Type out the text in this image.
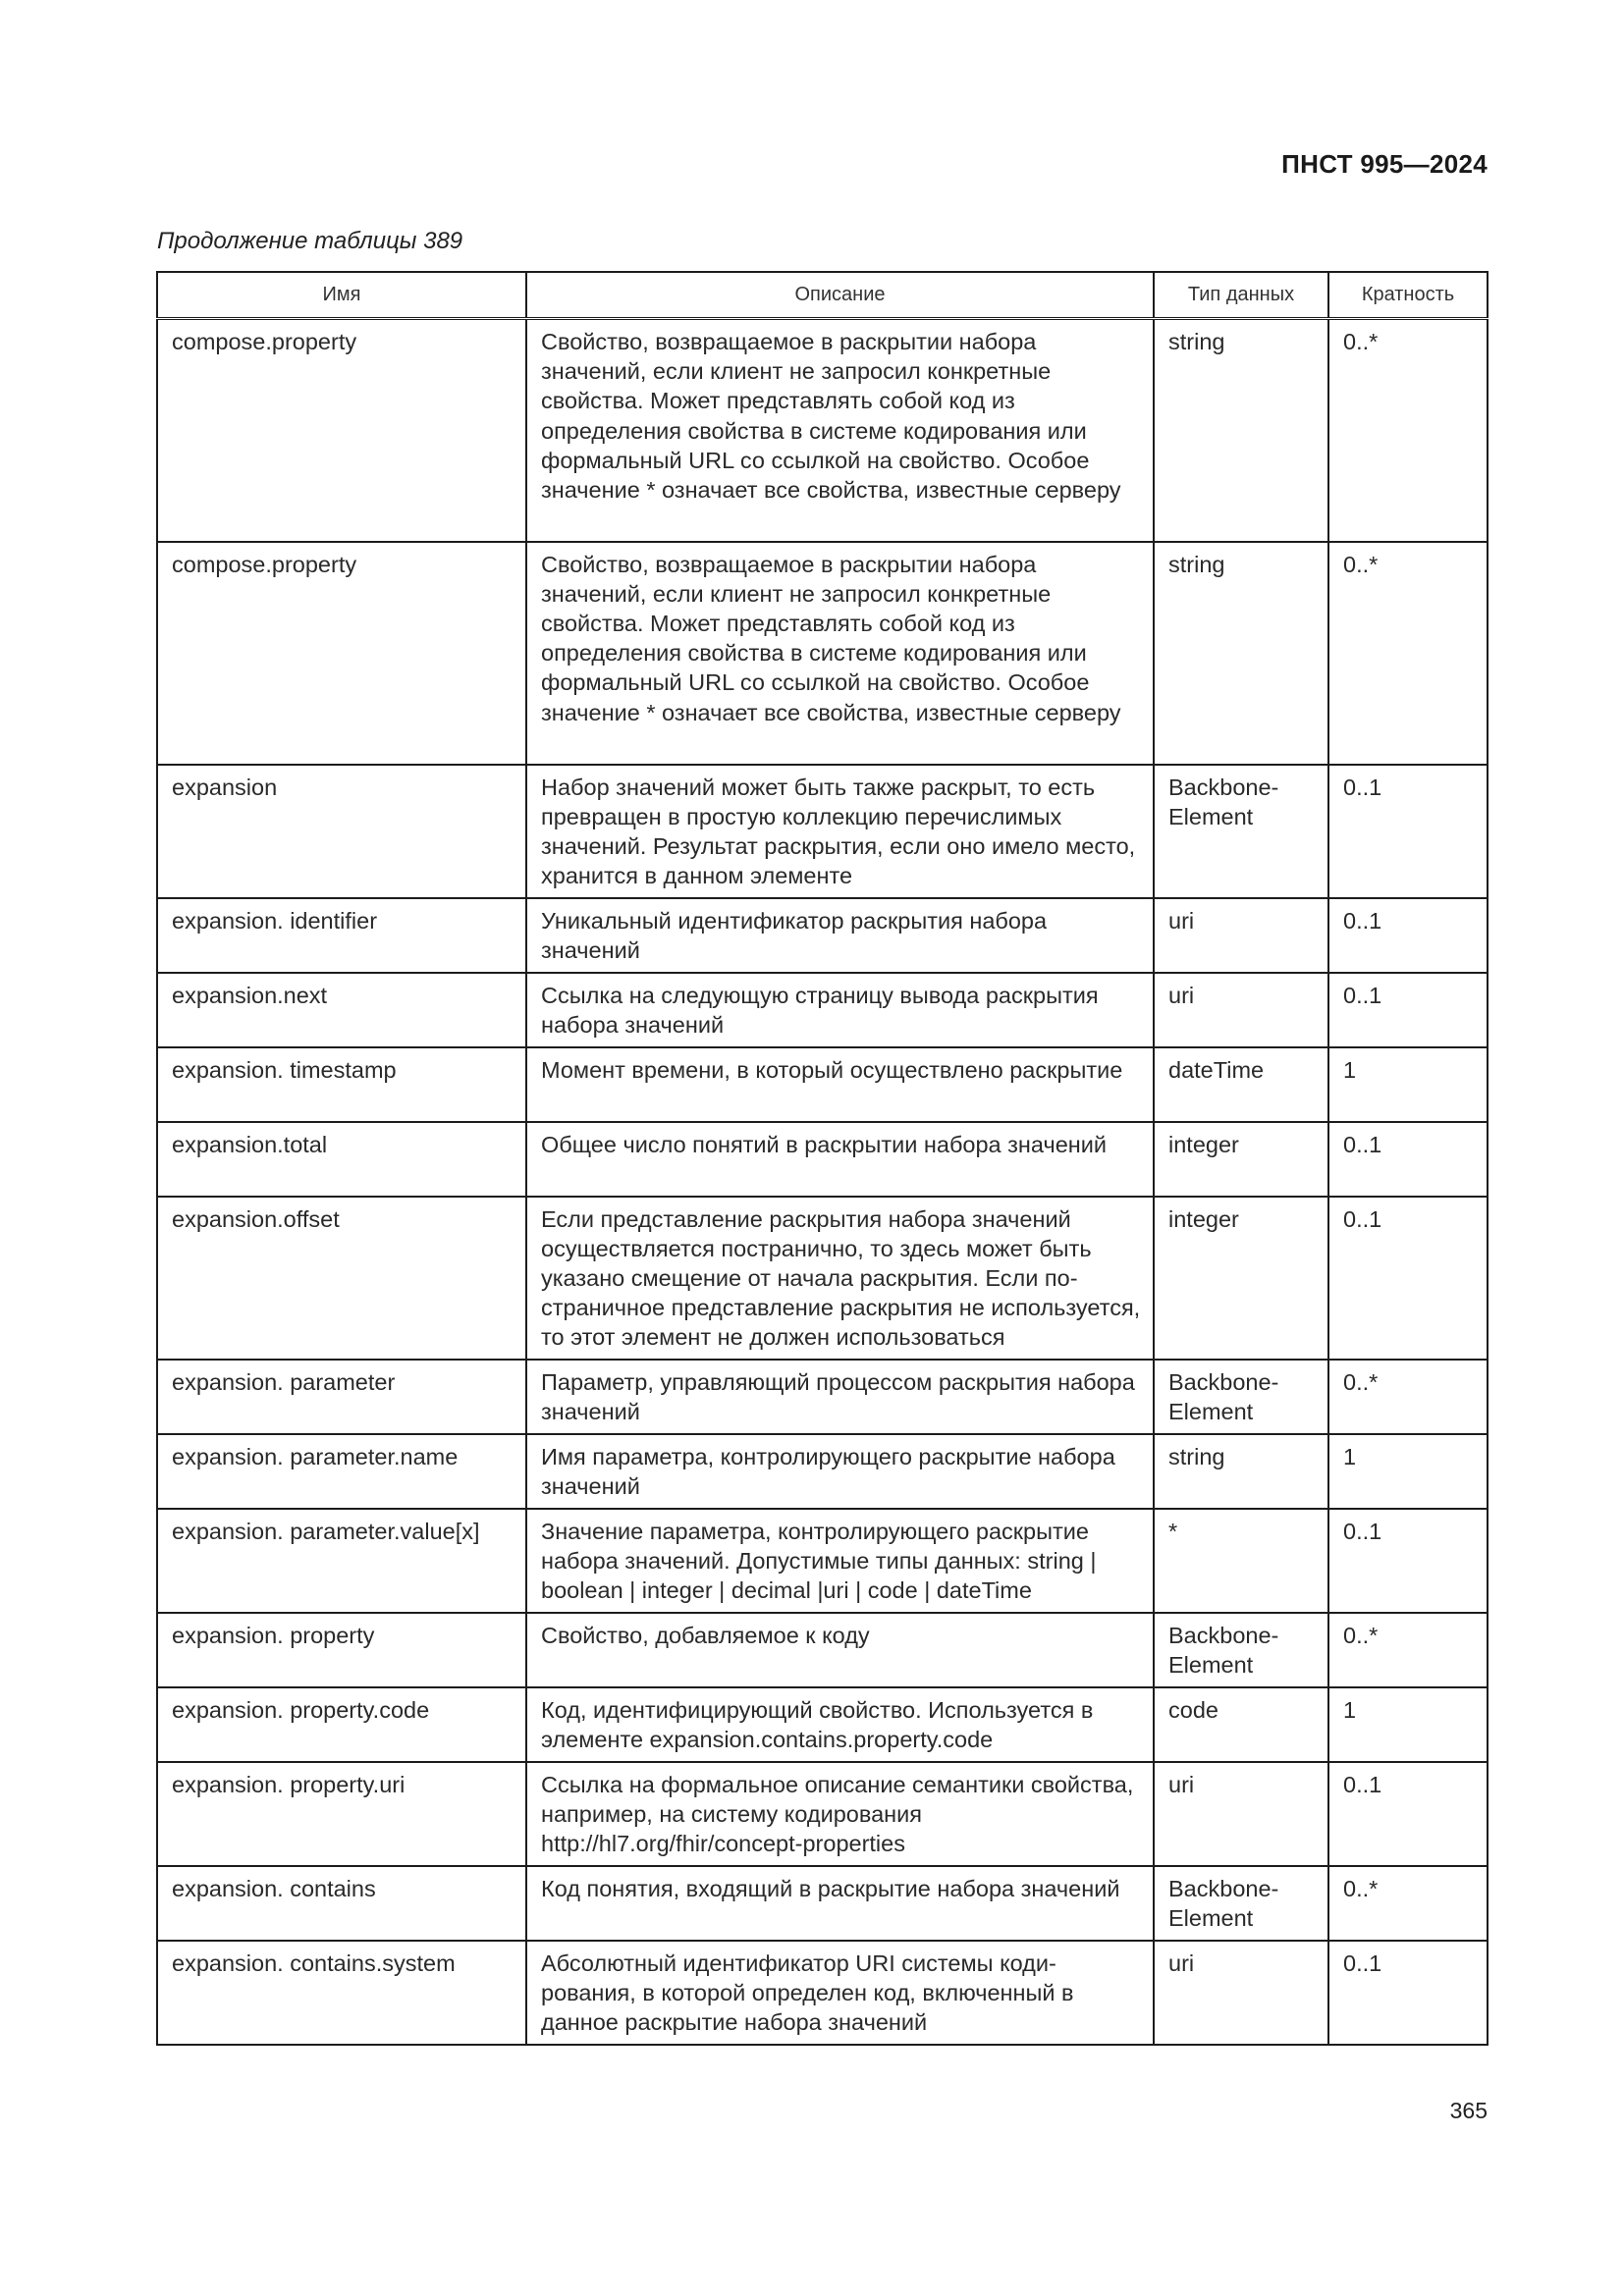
ПНСТ 995—2024
Продолжение таблицы 389
Имя	Описание	Тип данных	Кратность
compose.property	Свойство, возвращаемое в раскрытии набора значений, если клиент не запросил конкретные свойства. Может представлять собой код из определения свойства в системе кодирования или формальный URL со ссылкой на свойство. Особое значение * означает все свойства, известные серверу	string	0..*
compose.property	Свойство, возвращаемое в раскрытии набора значений, если клиент не запросил конкретные свойства. Может представлять собой код из определения свойства в системе кодирования или формальный URL со ссылкой на свойство. Особое значение * означает все свойства, известные серверу	string	0..*
expansion	Набор значений может быть также раскрыт, то есть превращен в простую коллекцию перечислимых значений. Результат раскрытия, если оно имело место, хранится в данном элементе	BackboneElement	0..1
expansion. identifier	Уникальный идентификатор раскрытия набора значений	uri	0..1
expansion.next	Ссылка на следующую страницу вывода раскрытия набора значений	uri	0..1
expansion. timestamp	Момент времени, в который осуществлено раскрытие	dateTime	1
expansion.total	Общее число понятий в раскрытии набора значений	integer	0..1
expansion.offset	Если представление раскрытия набора значений осуществляется постранично, то здесь может быть указано смещение от начала раскрытия. Если постраничное представление раскрытия не используется, то этот элемент не должен использоваться	integer	0..1
expansion. parameter	Параметр, управляющий процессом раскрытия набора значений	BackboneElement	0..*
expansion. parameter.name	Имя параметра, контролирующего раскрытие набора значений	string	1
expansion. parameter.value[x]	Значение параметра, контролирующего раскрытие набора значений. Допустимые типы данных: string | boolean | integer | decimal |uri | code | dateTime	*	0..1
expansion. property	Свойство, добавляемое к коду	BackboneElement	0..*
expansion. property.code	Код, идентифицирующий свойство. Используется в элементе expansion.contains.property.code	code	1
expansion. property.uri	Ссылка на формальное описание семантики свойства, например, на систему кодирования http://hl7.org/fhir/concept-properties	uri	0..1
expansion. contains	Код понятия, входящий в раскрытие набора значений	BackboneElement	0..*
expansion. contains.system	Абсолютный идентификатор URI системы кодирования, в которой определен код, включенный в данное раскрытие набора значений	uri	0..1
365
